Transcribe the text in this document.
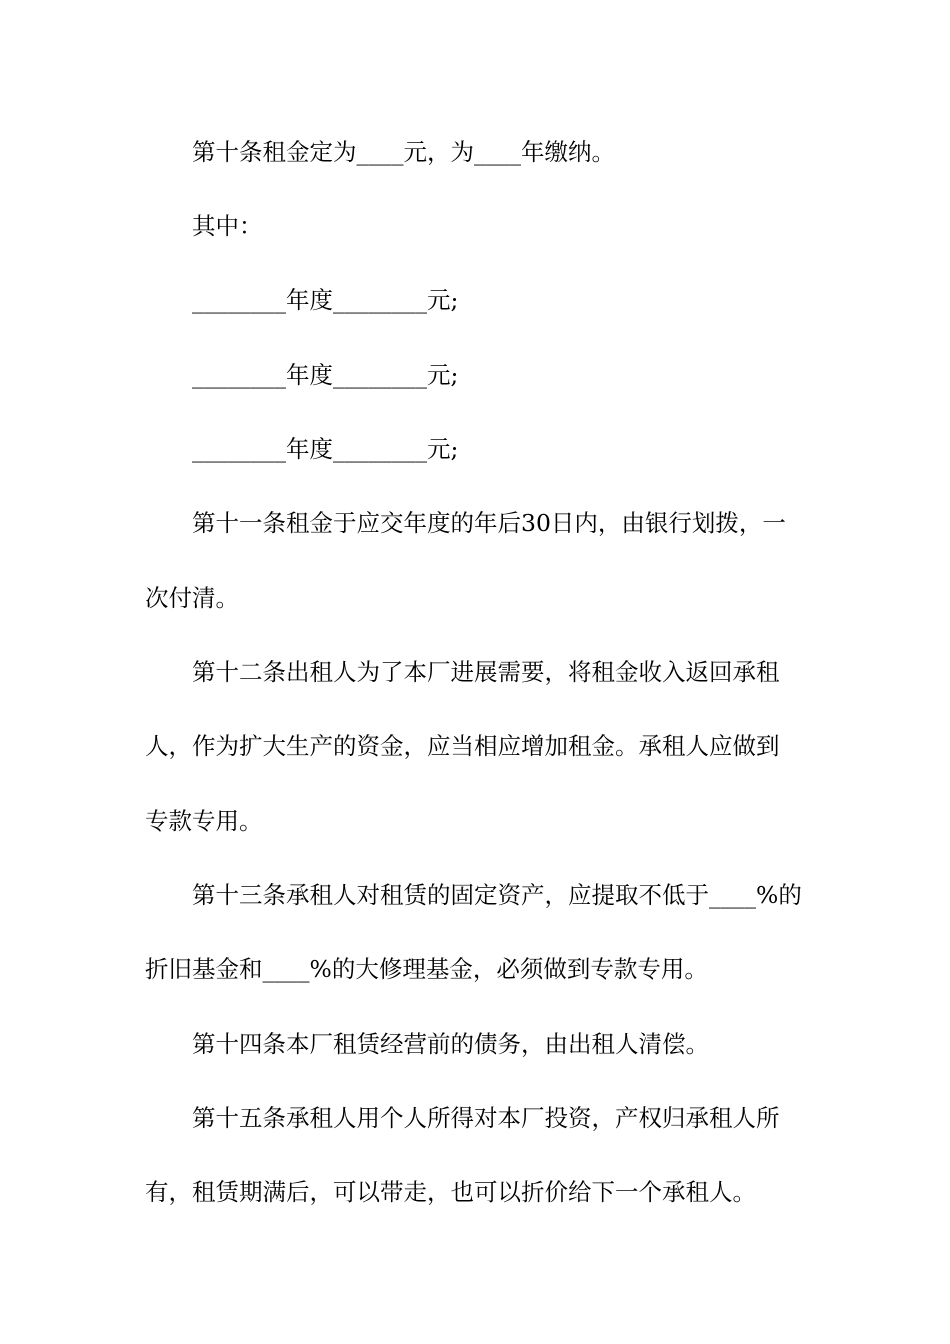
第十条租金定为____元，为____年缴纳。
其中：
________年度________元;
________年度________元;
________年度________元;
第十一条租金于应交年度的年后30日内，由银行划拨，一
次付清。
第十二条出租人为了本厂进展需要，将租金收入返回承租
人，作为扩大生产的资金，应当相应增加租金。承租人应做到
专款专用。
第十三条承租人对租赁的固定资产，应提取不低于____%的
折旧基金和____%的大修理基金，必须做到专款专用。
第十四条本厂租赁经营前的债务，由出租人清偿。
第十五条承租人用个人所得对本厂投资，产权归承租人所
有，租赁期满后，可以带走，也可以折价给下一个承租人。
